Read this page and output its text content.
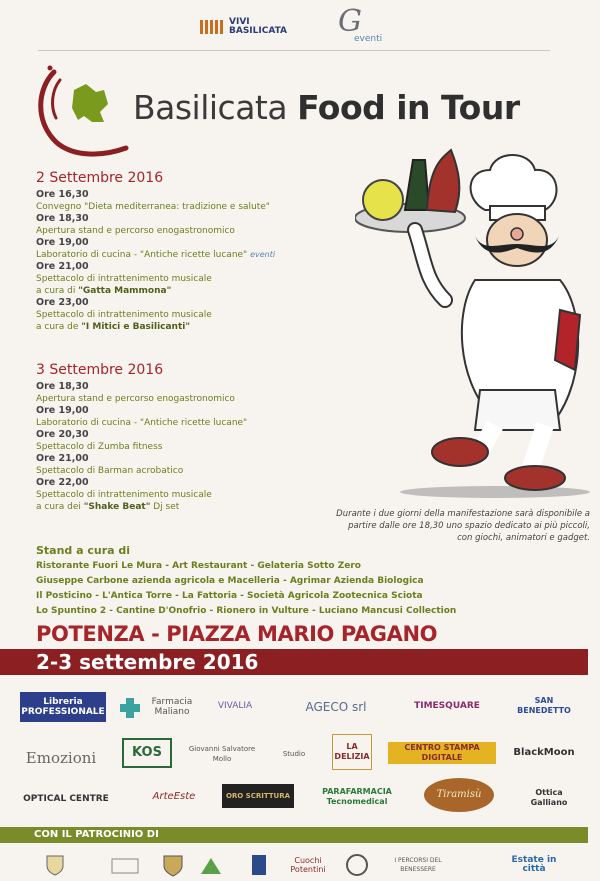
VIVI
BASILICATA G
eventi
Basilicata Food in Tour
2 Settembre 2016
Ore 16,30
Convegno "Dieta mediterranea: tradizione e salute"
Ore 18,30
Apertura stand e percorso enogastronomico
Ore 19,00
Laboratorio di cucina - "Antiche ricette lucane" eventi
Ore 21,00
Spettacolo di intrattenimento musicale
a cura di "Gatta Mammona"
Ore 23,00
Spettacolo di intrattenimento musicale
a cura de "I Mitici e Basilicanti"
3 Settembre 2016
Ore 18,30
Apertura stand e percorso enogastronomico
Ore 19,00
Laboratorio di cucina - "Antiche ricette lucane"
Ore 20,30
Spettacolo di Zumba fitness
Ore 21,00
Spettacolo di Barman acrobatico
Ore 22,00
Spettacolo di intrattenimento musicale
a cura dei "Shake Beat" Dj set
Durante i due giorni della manifestazione sarà disponibile a partire dalle ore 18,30 uno spazio dedicato ai più piccoli, con giochi, animatori e gadget.
Stand a cura di
Ristorante Fuori Le Mura - Art Restaurant - Gelateria Sotto Zero
Giuseppe Carbone azienda agricola e Macelleria - Agrimar Azienda Biologica
Il Posticino - L'Antica Torre - La Fattoria - Società Agricola Zootecnica Sciota
Lo Spuntino 2 - Cantine D'Onofrio - Rionero in Vulture - Luciano Mancusi Collection
POTENZA - PIAZZA MARIO PAGANO
2-3 settembre 2016
Libreria PROFESSIONALE
Farmacia Maliano
VIVALIA	AGECO srl	TIMESQUARE
SAN BENEDETTO
Emozioni	KOS	Giovanni Salvatore Mollo
Studio
LA DELIZIA
CENTRO STAMPA DIGITALE	BlackMoon
OPTICAL CENTRE	ArteEste	ORO SCRITTURA	PARAFARMACIA Tecnomedical
Tiramisù	Ottica Galliano
CON IL PATROCINIO DI
Cuochi Potentini
I PERCORSI DEL BENESSERE
Estate in città
